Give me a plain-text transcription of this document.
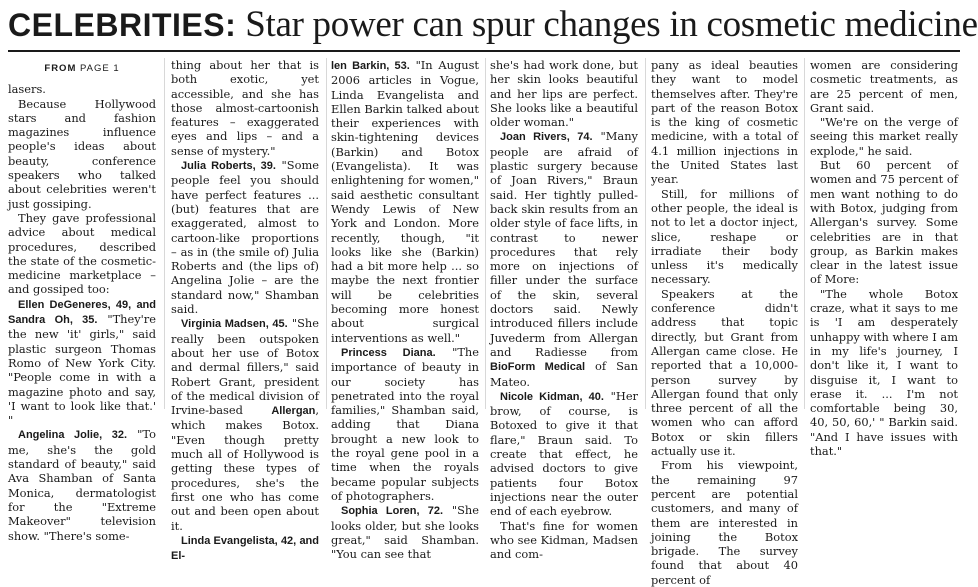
CELEBRITIES: Star power can spur changes in cosmetic medicine
FROM PAGE 1

lasers.

Because Hollywood stars and fashion magazines influence people's ideas about beauty, conference speakers who talked about celebrities weren't just gossiping.

They gave professional advice about medical procedures, described the state of the cosmetic-medicine marketplace – and gossiped too:

Ellen DeGeneres, 49, and Sandra Oh, 35. "They're the new 'it' girls," said plastic surgeon Thomas Romo of New York City. "People come in with a magazine photo and say, 'I want to look like that.' "

Angelina Jolie, 32. "To me, she's the gold standard of beauty," said Ava Shamban of Santa Monica, dermatologist for the "Extreme Makeover" television show. "There's some-

thing about her that is both exotic, yet accessible, and she has those almost-cartoonish features – exaggerated eyes and lips – and a sense of mystery."

Julia Roberts, 39. "Some people feel you should have perfect features ... (but) features that are exaggerated, almost to cartoon-like proportions – as in (the smile of) Julia Roberts and (the lips of) Angelina Jolie – are the standard now," Shamban said.

Virginia Madsen, 45. "She really been outspoken about her use of Botox and dermal fillers," said Robert Grant, president of the medical division of Irvine-based Allergan, which makes Botox. "Even though pretty much all of Hollywood is getting these types of procedures, she's the first one who has come out and been open about it.

Linda Evangelista, 42, and El-

len Barkin, 53. "In August 2006 articles in Vogue, Linda Evangelista and Ellen Barkin talked about their experiences with skin-tightening devices (Barkin) and Botox (Evangelista). It was enlightening for women," said aesthetic consultant Wendy Lewis of New York and London. More recently, though, "it looks like she (Barkin) had a bit more help ... so maybe the next frontier will be celebrities becoming more honest about surgical interventions as well."

Princess Diana. "The importance of beauty in our society has penetrated into the royal families," Shamban said, adding that Diana brought a new look to the royal gene pool in a time when the royals became popular subjects of photographers.

Sophia Loren, 72. "She looks older, but she looks great," said Shamban. "You can see that

she's had work done, but her skin looks beautiful and her lips are perfect. She looks like a beautiful older woman."

Joan Rivers, 74. "Many people are afraid of plastic surgery because of Joan Rivers," Braun said. Her tightly pulled-back skin results from an older style of face lifts, in contrast to newer procedures that rely more on injections of filler under the surface of the skin, several doctors said. Newly introduced fillers include Juvederm from Allergan and Radiesse from BioForm Medical of San Mateo.

Nicole Kidman, 40. "Her brow, of course, is Botoxed to give it that flare," Braun said. To create that effect, he advised doctors to give patients four Botox injections near the outer end of each eyebrow.

That's fine for women who see Kidman, Madsen and com-

pany as ideal beauties they want to model themselves after. They're part of the reason Botox is the king of cosmetic medicine, with a total of 4.1 million injections in the United States last year.

Still, for millions of other people, the ideal is not to let a doctor inject, slice, reshape or irradiate their body unless it's medically necessary.

Speakers at the conference didn't address that topic directly, but Grant from Allergan came close. He reported that a 10,000-person survey by Allergan found that only three percent of all the women who can afford Botox or skin fillers actually use it.

From his viewpoint, the remaining 97 percent are potential customers, and many of them are interested in joining the Botox brigade. The survey found that about 40 percent of

women are considering cosmetic treatments, as are 25 percent of men, Grant said.

"We're on the verge of seeing this market really explode," he said.

But 60 percent of women and 75 percent of men want nothing to do with Botox, judging from Allergan's survey. Some celebrities are in that group, as Barkin makes clear in the latest issue of More:

"The whole Botox craze, what it says to me is 'I am desperately unhappy with where I am in my life's journey, I don't like it, I want to disguise it, I want to erase it. ... I'm not comfortable being 30, 40, 50, 60,' " Barkin said. "And I have issues with that."
